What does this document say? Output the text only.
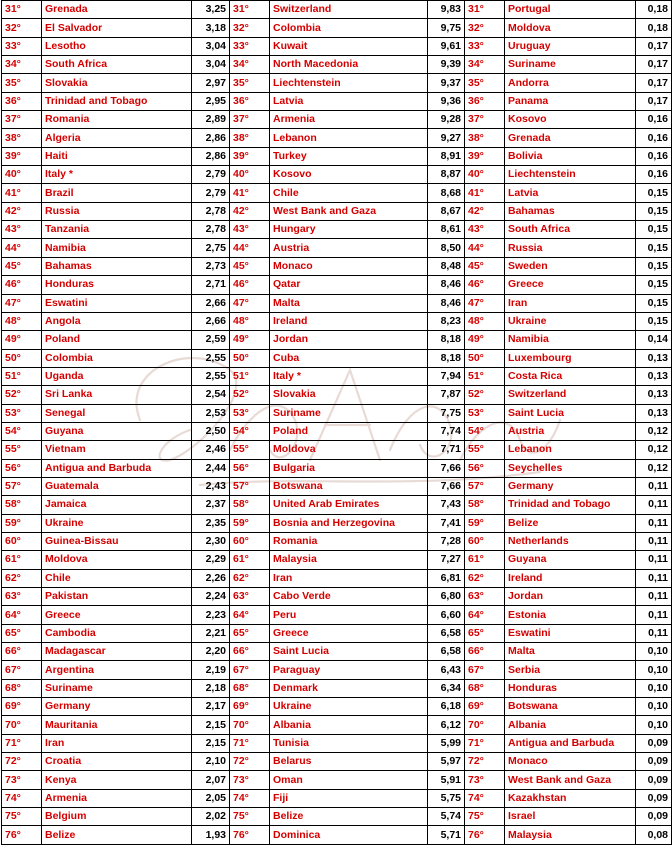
31°	Grenada	3,25	31°	Switzerland	9,83	31°	Portugal	0,18
32°	El Salvador	3,18	32°	Colombia	9,75	32°	Moldova	0,18
33°	Lesotho	3,04	33°	Kuwait	9,61	33°	Uruguay	0,17
34°	South Africa	3,04	34°	North Macedonia	9,39	34°	Suriname	0,17
35°	Slovakia	2,97	35°	Liechtenstein	9,37	35°	Andorra	0,17
36°	Trinidad and Tobago	2,95	36°	Latvia	9,36	36°	Panama	0,17
37°	Romania	2,89	37°	Armenia	9,28	37°	Kosovo	0,16
38°	Algeria	2,86	38°	Lebanon	9,27	38°	Grenada	0,16
39°	Haiti	2,86	39°	Turkey	8,91	39°	Bolivia	0,16
40°	Italy *	2,79	40°	Kosovo	8,87	40°	Liechtenstein	0,16
41°	Brazil	2,79	41°	Chile	8,68	41°	Latvia	0,15
42°	Russia	2,78	42°	West Bank and Gaza	8,67	42°	Bahamas	0,15
43°	Tanzania	2,78	43°	Hungary	8,61	43°	South Africa	0,15
44°	Namibia	2,75	44°	Austria	8,50	44°	Russia	0,15
45°	Bahamas	2,73	45°	Monaco	8,48	45°	Sweden	0,15
46°	Honduras	2,71	46°	Qatar	8,46	46°	Greece	0,15
47°	Eswatini	2,66	47°	Malta	8,46	47°	Iran	0,15
48°	Angola	2,66	48°	Ireland	8,23	48°	Ukraine	0,15
49°	Poland	2,59	49°	Jordan	8,18	49°	Namibia	0,14
50°	Colombia	2,55	50°	Cuba	8,18	50°	Luxembourg	0,13
51°	Uganda	2,55	51°	Italy *	7,94	51°	Costa Rica	0,13
52°	Sri Lanka	2,54	52°	Slovakia	7,87	52°	Switzerland	0,13
53°	Senegal	2,53	53°	Suriname	7,75	53°	Saint Lucia	0,13
54°	Guyana	2,50	54°	Poland	7,74	54°	Austria	0,12
55°	Vietnam	2,46	55°	Moldova	7,71	55°	Lebanon	0,12
56°	Antigua and Barbuda	2,44	56°	Bulgaria	7,66	56°	Seychelles	0,12
57°	Guatemala	2,43	57°	Botswana	7,66	57°	Germany	0,11
58°	Jamaica	2,37	58°	United Arab Emirates	7,43	58°	Trinidad and Tobago	0,11
59°	Ukraine	2,35	59°	Bosnia and Herzegovina	7,41	59°	Belize	0,11
60°	Guinea-Bissau	2,30	60°	Romania	7,28	60°	Netherlands	0,11
61°	Moldova	2,29	61°	Malaysia	7,27	61°	Guyana	0,11
62°	Chile	2,26	62°	Iran	6,81	62°	Ireland	0,11
63°	Pakistan	2,24	63°	Cabo Verde	6,80	63°	Jordan	0,11
64°	Greece	2,23	64°	Peru	6,60	64°	Estonia	0,11
65°	Cambodia	2,21	65°	Greece	6,58	65°	Eswatini	0,11
66°	Madagascar	2,20	66°	Saint Lucia	6,58	66°	Malta	0,10
67°	Argentina	2,19	67°	Paraguay	6,43	67°	Serbia	0,10
68°	Suriname	2,18	68°	Denmark	6,34	68°	Honduras	0,10
69°	Germany	2,17	69°	Ukraine	6,18	69°	Botswana	0,10
70°	Mauritania	2,15	70°	Albania	6,12	70°	Albania	0,10
71°	Iran	2,15	71°	Tunisia	5,99	71°	Antigua and Barbuda	0,09
72°	Croatia	2,10	72°	Belarus	5,97	72°	Monaco	0,09
73°	Kenya	2,07	73°	Oman	5,91	73°	West Bank and Gaza	0,09
74°	Armenia	2,05	74°	Fiji	5,75	74°	Kazakhstan	0,09
75°	Belgium	2,02	75°	Belize	5,74	75°	Israel	0,09
76°	Belize	1,93	76°	Dominica	5,71	76°	Malaysia	0,08
